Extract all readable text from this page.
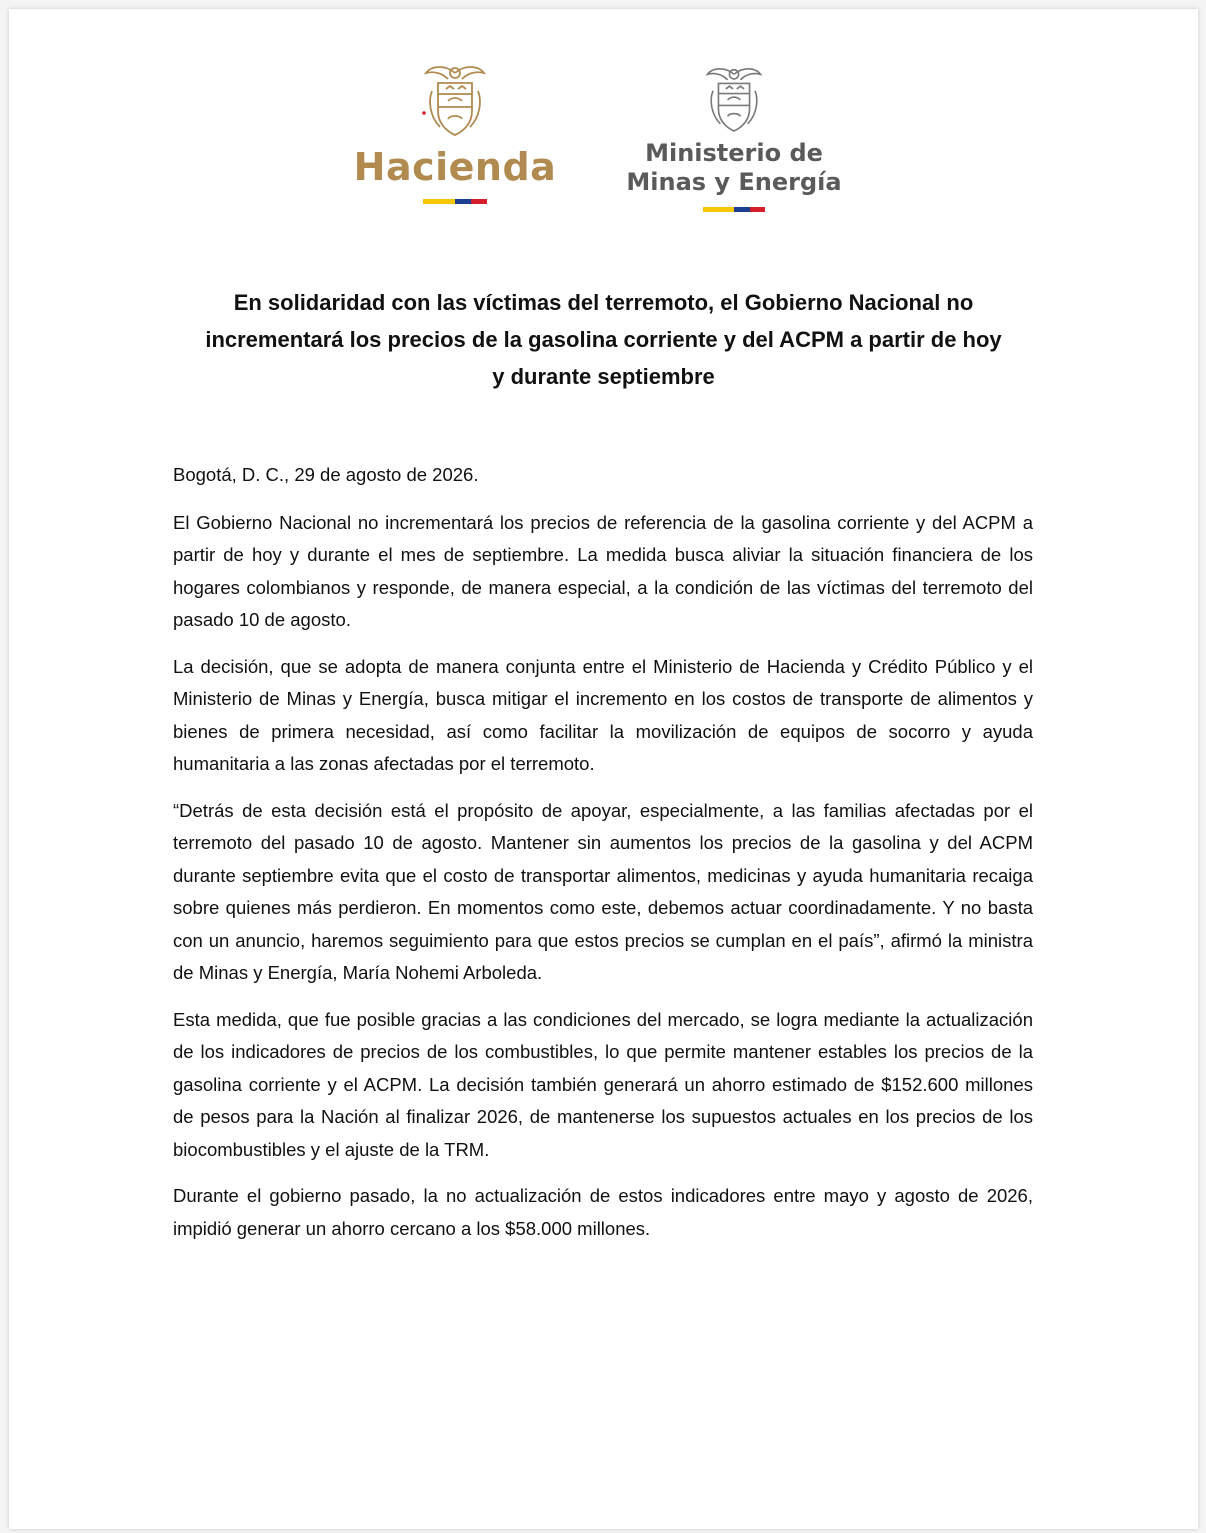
Hacienda	Ministerio de
Minas y Energía
En solidaridad con las víctimas del terremoto, el Gobierno Nacional no
incrementará los precios de la gasolina corriente y del ACPM a partir de hoy
y durante septiembre

Bogotá, D. C., 29 de agosto de 2026.

El Gobierno Nacional no incrementará los precios de referencia de la gasolina corriente y del ACPM a partir de hoy y durante el mes de septiembre. La medida busca aliviar la situación financiera de los hogares colombianos y responde, de manera especial, a la condición de las víctimas del terremoto del pasado 10 de agosto.

La decisión, que se adopta de manera conjunta entre el Ministerio de Hacienda y Crédito Público y el Ministerio de Minas y Energía, busca mitigar el incremento en los costos de transporte de alimentos y bienes de primera necesidad, así como facilitar la movilización de equipos de socorro y ayuda humanitaria a las zonas afectadas por el terremoto.

“Detrás de esta decisión está el propósito de apoyar, especialmente, a las familias afectadas por el terremoto del pasado 10 de agosto. Mantener sin aumentos los precios de la gasolina y del ACPM durante septiembre evita que el costo de transportar alimentos, medicinas y ayuda humanitaria recaiga sobre quienes más perdieron. En momentos como este, debemos actuar coordinadamente. Y no basta con un anuncio, haremos seguimiento para que estos precios se cumplan en el país”, afirmó la ministra de Minas y Energía, María Nohemi Arboleda.

Esta medida, que fue posible gracias a las condiciones del mercado, se logra mediante la actualización de los indicadores de precios de los combustibles, lo que permite mantener estables los precios de la gasolina corriente y el ACPM. La decisión también generará un ahorro estimado de $152.600 millones de pesos para la Nación al finalizar 2026, de mantenerse los supuestos actuales en los precios de los biocombustibles y el ajuste de la TRM.

Durante el gobierno pasado, la no actualización de estos indicadores entre mayo y agosto de 2026, impidió generar un ahorro cercano a los $58.000 millones.
